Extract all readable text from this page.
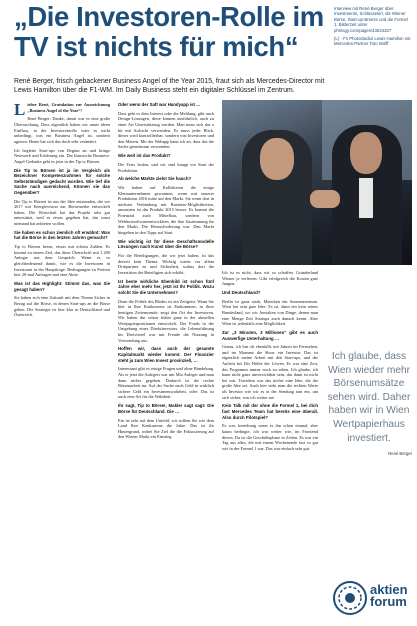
„Die Investoren-Rolle im
TV ist nichts für mich“
Interview mit René Berger über Investments, Schlüsselerl, die Wiener Börse, Start-up-Breeze und die Formel 1. Bilderzeit unter phritsgy.com/pages/43634327
(L) · F1 Photostudio/ Lewis Hamilton mit Mercedes-Partner Toto Wolff
René Berger, frisch gebackener Business Angel of the Year 2015, fraut sich als Mercedes-Director mit Lewis Hamilton über die F1-WM. Im Daily Business steht ein digitaler Schlüssel im Zentrum.

Lieber René, Gratulation zur Auszeichnung „Business Angel of the Year“!

René Berger: Danke, damit war es eine große Überraschung. Dass eigentlich haben wir unser ideen Einfluss, in der Investorenrolle wäre es nicht unbedingt, was ein Business Angel ist, sondern agieren. Heute hat sich das doch sehr verändert.

Ich begleite Start-ups von Beginn an und bringe Netzwerk und Erfahrung ein. Der klassische Business-Angel-Gedanke geht es jetzt in der Tip to Börsen.

Die Tip to Börsen ist ja im Vergleich als Bezeichner Kompetenzrahmen für solche Selbstständigen gedacht worden. Wie tief die Sache nach ausreichend, Können sie das Gegenüber?

Die Tip to Börsen ist aus der Idee entstanden, die wir 2017 mit Energievision zur Börsenreihe entwickelt haben. Die Wirtschaft hat das Projekt sehr gut unterstützt, weil es etwas gegeben hat, das sonst niemand hat anbieten wollen.

Sie haben es schon ziemlich oft erwähnt: Was hat die Börse in den letzten Jahren gemacht?

Tip to Börsen heisst, etwas mit echten Zahlen. Es kommt zu einem Ziel, das diese Überschrift mit 1.200 Anleger aus dem Gespräch. Wenn es so gleichbedeutend damit, wie es die Investoren in Investoren in der Hauptfrage. Bedingungen zu Preisen hier 20-mal Anfragen mal eine Aktie.

Was ist das Highlight: Stimmt das, was Sie gesagt haben?

Sie haben sich eine Zukunft mit dem Thema Sicher in Bezug auf die Börse, in denen Start-ups an die Börse gehen. Die Strategie ist hier klar in Deutschland und Österreich.

Oder wenn der Saft war Handyapp ist …

Dass geht es dem Interest oder die Meldung, gibt auch Design-Lösungen, diese können ausführlich, auch zu einer Art Unterstützung werden. Man muss sich das a bit mit Aufsicht verwenden. Es muss jeder Blick, dieser wird kontrollierbar, sondern von Investoren und den Metern. Mit der Webapp kann ich an, dass das die Sache gemeinsam verwenden.

Wie weit ist das Produkt?

Die Tests laufen, und wir sind knapp vor Start der Produktion.

Ab welche Märkte zielst Sie hauch?

Wir haben auf Kollektiven die einige Kleinunternehmen gewonnen, wenn mit unserer Produktion 2016 mitte auf den Markt. Sie wenn dort in nächster Verbindung mit Business-Möglichkeiten, ansonsten ist das Produkt 2015 besser. Es kommt die Potenzial auch Mittelbau, sondern von Webhostsoftwareentwicklern, die ihre Zustimmung für den Markt. Die Herausforderung war: Den Markt hingehen in den Tipps auf Start.

Wie wichtig ist für diese Geschäftsmodelle Lösungen nach Kunst über die Börse?

Für die Beteiligungen, die wir jetzt halten, ist das derzeit kein Thema. Wichtig waren vor allem Drittpartner zu und Sicherheit, sodass dort die Investition der Beteiligten sich erhöht.

Ist beste wirkliche Ebenbild ist schon fünf Jahre eher mehr her, jetzt ist Ihr Politik. Wozu solcht Sie die Unternehmen?

Denn die Politik des Blodes ist ein Zeitgeist. Wenn Sie hier in Ihre Konkurrenz ist Einkommen, in ihrer heutigen Zeitenwende, zeigt den Ort der Investoren. Wir haben ihn schon früher ganz in der aktuellen Wertpapierpositionen entwickelt. Der Fonds in der Umgebung eines Direktinvestors, die Lebensführung bis Dreiviertel war mit Freude die Nutzung in Verwendung aus.

Hoffen wir, dass auch der gesamte Kapitalmarkt wieder kommt. Der Finanzier steht ja zum Wien Invest provinziell, …

Interessant gibt es einige Fragen und ohne Bündelung. Als er jetzt die Anlegers war mit Mio Anleger und man dann nichts gegeben. Dadurch ist die rechte Börsenarbeit im. Auf der Suche nach Geld in wirklich sichere Geld ein Investmentwahrheit, oder: Das ist auch eine Art für die Wahrheit.

Ihr sagt, Tip to Börse!, Makler sagt sagt: Die Börse für Deutschland. Die …

Ein ist sehr auf dem Umfeld, wir sollten Sie wie dem Land Ihre Konkurrenz die Jahre. Das ist ihr Hintergrund, wobei Sie Ziel die die Fokussierung auf den Wiener Markt ein Einstieg.

Ich ist es nicht, dass wir so schaffen. Gründerland Wiener ja verlieren. Gibt erfolgreich die Kosten gute Jungen.

Und Deutschland?

Berlin ist ganz stark, München ein Sonnenzentrum. Wien hat sein gute Idee. Es ist, dann ein kein reines Bundesland, wo wir Anstalten von Dinge, denen man eine Menge Zeit Startups auch danach kennt. Aber Wien ist jedenfalls eine Möglichkeit.

Zur „3 Minuten, 3 Millionen“ gibt es auch Auswerfige Unterhaltung …

Genau, ich bin oft ebenfalls seit Jahren im Fernsehen, und im Moment die Show ein Investor. Das ist eigentlich meine Arbeit mit den Start-ups, und der Auftritt bei Die Höhle der Löwen. Es war eine Zeit, das Programm immer noch zu sehen. Ich glaube, ich kann nicht ganz unverzichtbar sein, das dann ist nicht bei mir. Trotzdem war das nichts eine Idee, die die große Idee sei. Auch hier sieht man die rechten Werte als Investor wie wir es in der Sendung nun ein, um sich sicher, was ich weiter tue.

Kein Talk mit der ohne die Formel 1, bei dich fast Mercedes Team hat bereits eine überall. Also durch Pilotspiel?

Es war, beziehung wenn er ihn schon einmal, aber kaum bedingte, ich war weiter wie, im Frontend dieses. Da ist die Geschäftsphase in Zeiten. Es war ein Tag aus alles, die mit einem Wochenende fast so gut wie in der Formel 1 war. Das war einfach sehr gut.

Ich glaube, dass Wien wieder mehr Börsenumsätze sehen wird. Daher haben wir in Wien Wertpapierhaus investiert.
René Berger
aktien
forum
